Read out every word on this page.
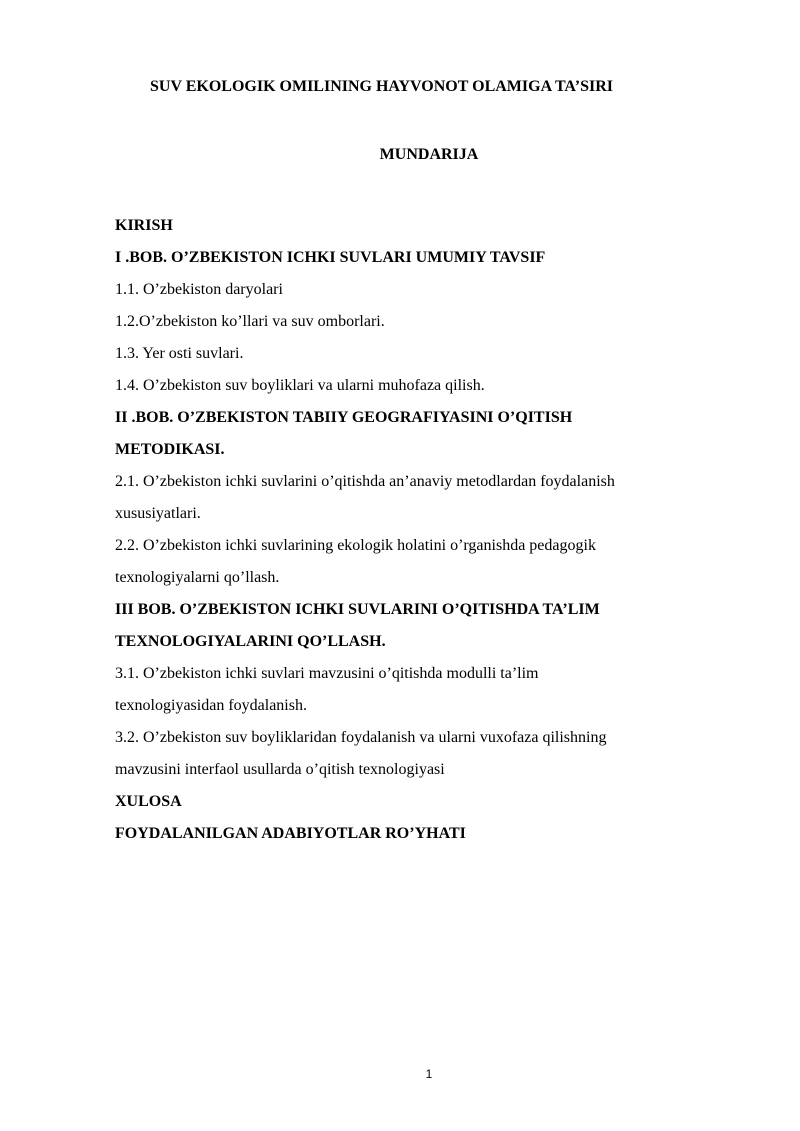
SUV EKOLOGIK OMILINING HAYVONOT OLAMIGA TA’SIRI
MUNDARIJA
KIRISH
I .BOB. O’ZBEKISTON ICHKI SUVLARI UMUMIY TAVSIF
1.1. O’zbekiston daryolari
1.2.O’zbekiston ko’llari va suv omborlari.
1.3. Yer osti suvlari.
1.4. O’zbekiston suv boyliklari va ularni muhofaza qilish.
II .BOB. O’ZBEKISTON TABIIY GEOGRAFIYASINI O’QITISH
METODIKASI.
2.1. O’zbekiston ichki suvlarini o’qitishda an’anaviy metodlardan foydalanish
xususiyatlari.
2.2. O’zbekiston ichki suvlarining ekologik holatini o’rganishda pedagogik
texnologiyalarni qo’llash.
III BOB. O’ZBEKISTON ICHKI SUVLARINI O’QITISHDA TA’LIM
TEXNOLOGIYALARINI QO’LLASH.
3.1. O’zbekiston ichki suvlari mavzusini o’qitishda modulli ta’lim
texnologiyasidan foydalanish.
3.2. O’zbekiston suv boyliklaridan foydalanish va ularni vuxofaza qilishning
mavzusini interfaol usullarda o’qitish texnologiyasi
XULOSA
FOYDALANILGAN ADABIYOTLAR RO’YHATI
1
